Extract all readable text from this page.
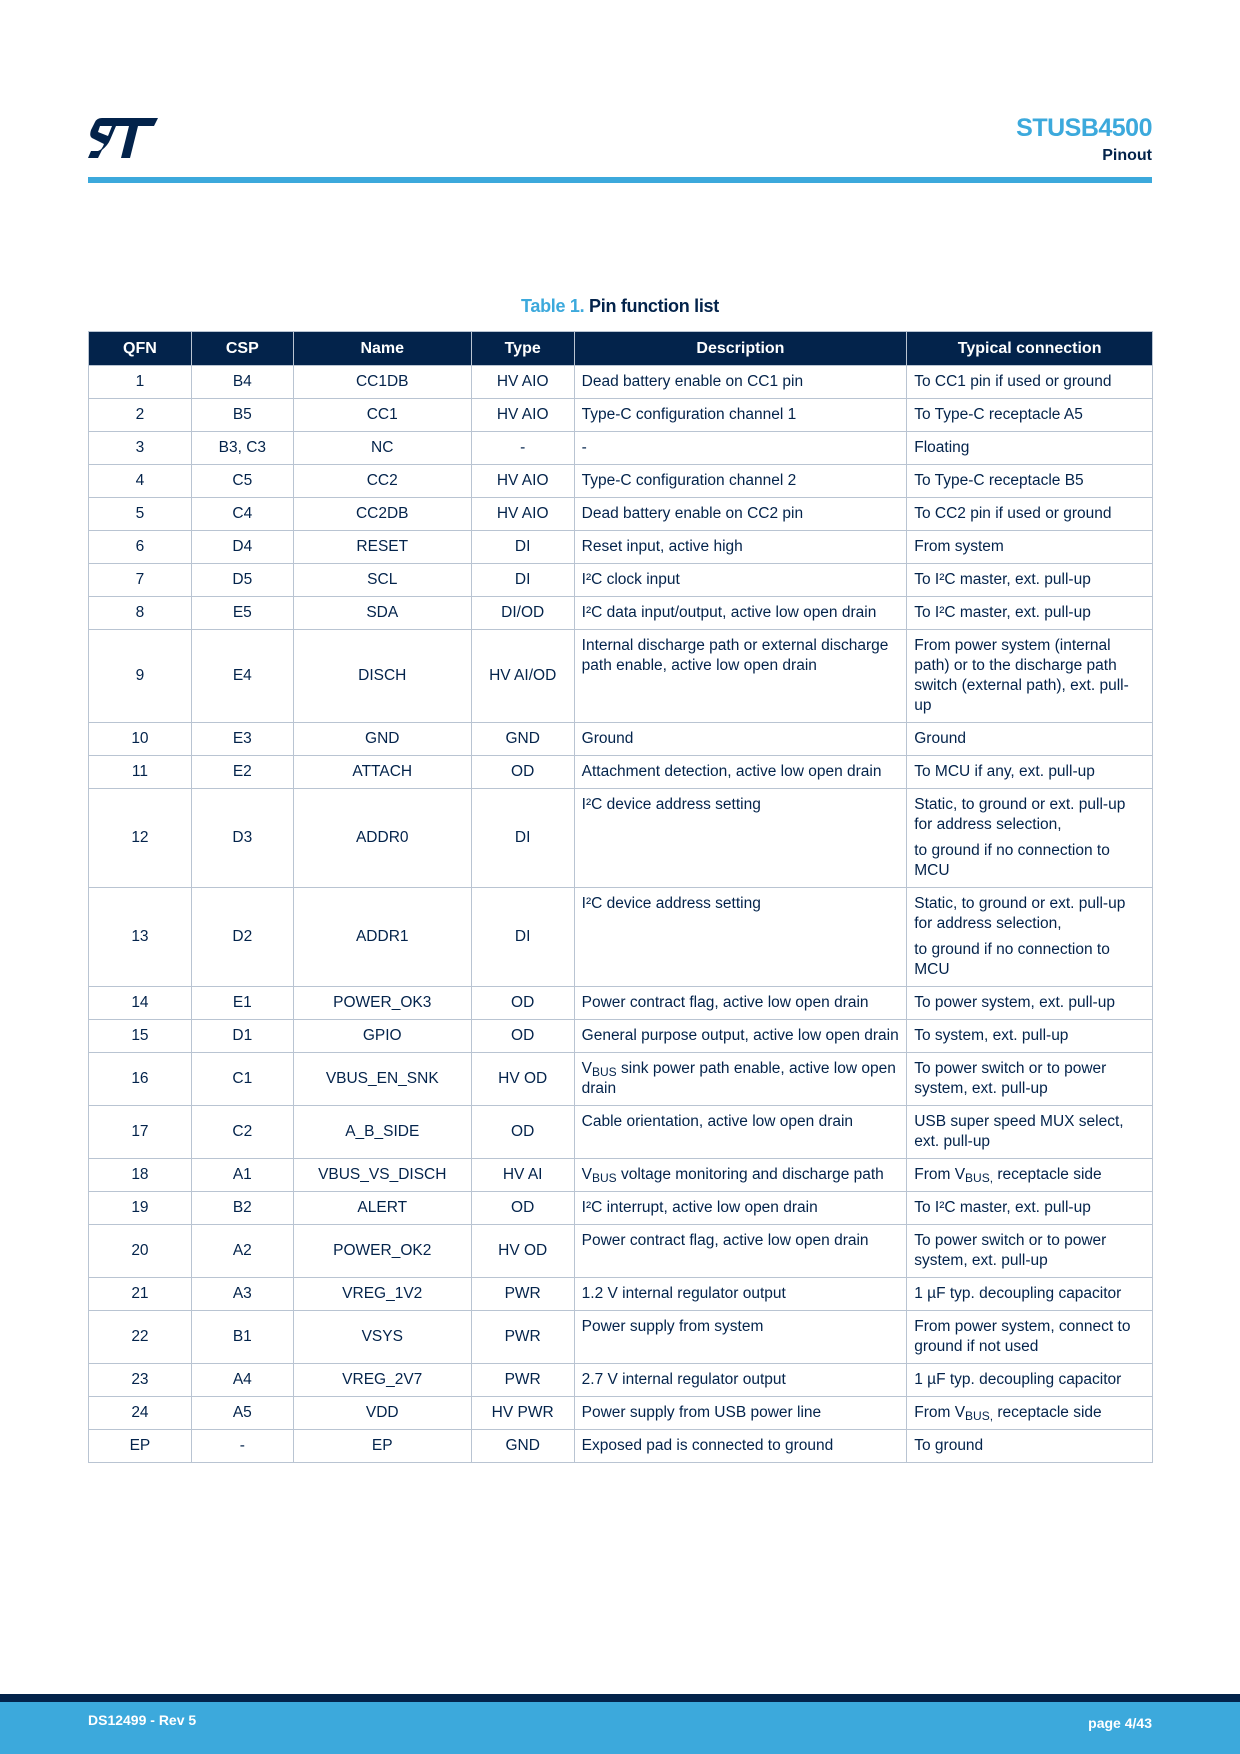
STUSB4500
Pinout
Table 1. Pin function list
QFN	CSP	Name	Type	Description	Typical connection
1	B4	CC1DB	HV AIO	Dead battery enable on CC1 pin	To CC1 pin if used or ground
2	B5	CC1	HV AIO	Type-C configuration channel 1	To Type-C receptacle A5
3	B3, C3	NC	-	-	Floating
4	C5	CC2	HV AIO	Type-C configuration channel 2	To Type-C receptacle B5
5	C4	CC2DB	HV AIO	Dead battery enable on CC2 pin	To CC2 pin if used or ground
6	D4	RESET	DI	Reset input, active high	From system
7	D5	SCL	DI	I²C clock input	To I²C master, ext. pull-up
8	E5	SDA	DI/OD	I²C data input/output, active low open drain	To I²C master, ext. pull-up
9	E4	DISCH	HV AI/OD	Internal discharge path or external discharge path enable, active low open drain	From power system (internal path) or to the discharge path switch (external path), ext. pull-up
10	E3	GND	GND	Ground	Ground
11	E2	ATTACH	OD	Attachment detection, active low open drain	To MCU if any, ext. pull-up
12	D3	ADDR0	DI	I²C device address setting	Static, to ground or ext. pull-up for address selection,

to ground if no connection to MCU

13	D2	ADDR1	DI	I²C device address setting	Static, to ground or ext. pull-up for address selection,

to ground if no connection to MCU

14	E1	POWER_OK3	OD	Power contract flag, active low open drain	To power system, ext. pull-up
15	D1	GPIO	OD	General purpose output, active low open drain	To system, ext. pull-up
16	C1	VBUS_EN_SNK	HV OD	$V_{BUS}$ sink power path enable, active low open drain	To power switch or to power system, ext. pull-up
17	C2	A_B_SIDE	OD	Cable orientation, active low open drain	USB super speed MUX select, ext. pull-up
18	A1	VBUS_VS_DISCH	HV AI	$V_{BUS}$ voltage monitoring and discharge path	From $V_{BUS,}$ receptacle side

19	B2	ALERT	OD	I²C interrupt, active low open drain	To I²C master, ext. pull-up
20	A2	POWER_OK2	HV OD	Power contract flag, active low open drain	To power switch or to power system, ext. pull-up
21	A3	VREG_1V2	PWR	1.2 V internal regulator output	1 µF typ. decoupling capacitor
22	B1	VSYS	PWR	Power supply from system	From power system, connect to ground if not used
23	A4	VREG_2V7	PWR	2.7 V internal regulator output	1 µF typ. decoupling capacitor
24	A5	VDD	HV PWR	Power supply from USB power line	From $V_{BUS,}$ receptacle side

EP	-	EP	GND	Exposed pad is connected to ground	To ground
DS12499 - Rev 5	page 4/43
